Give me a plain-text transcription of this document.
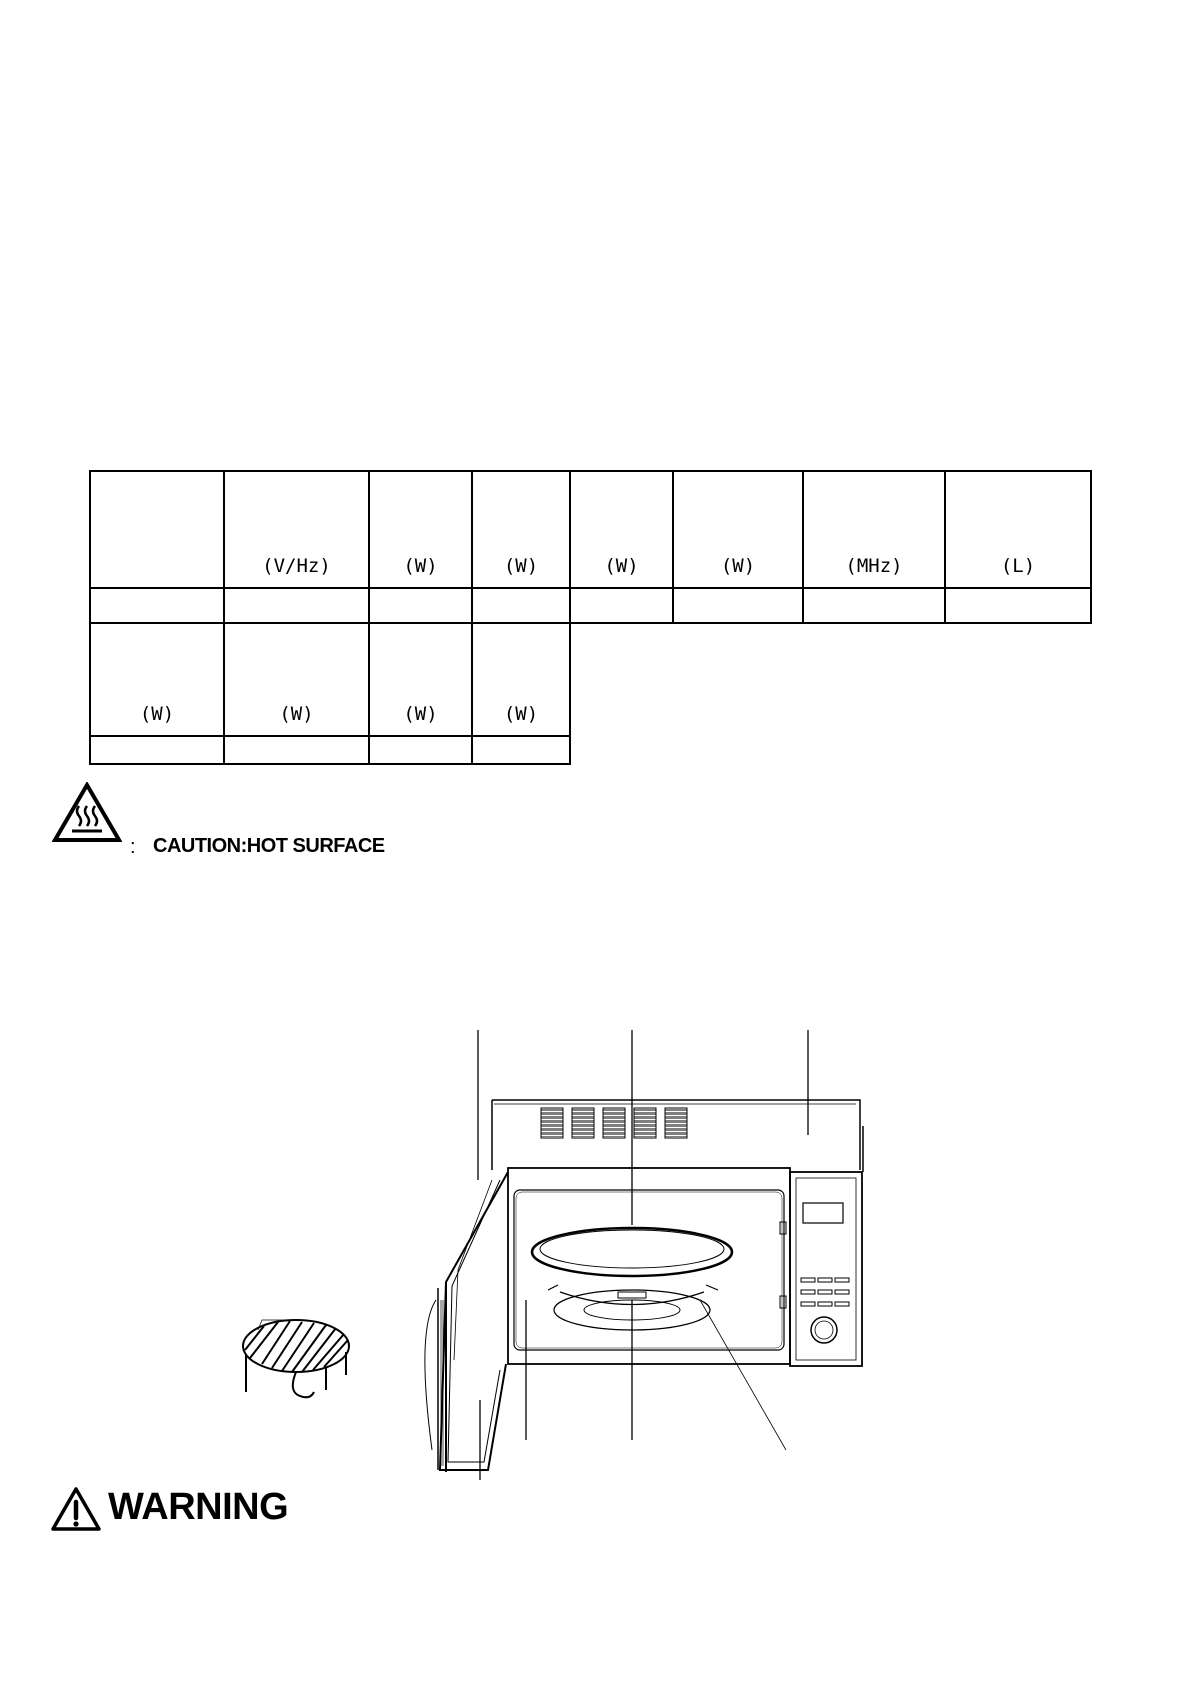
	(V/Hz)	(W)	(W)	(W)	(W)	(MHz)	(L)

(W)	(W)	(W)	(W)

: CAUTION:HOT SURFACE
WARNING
